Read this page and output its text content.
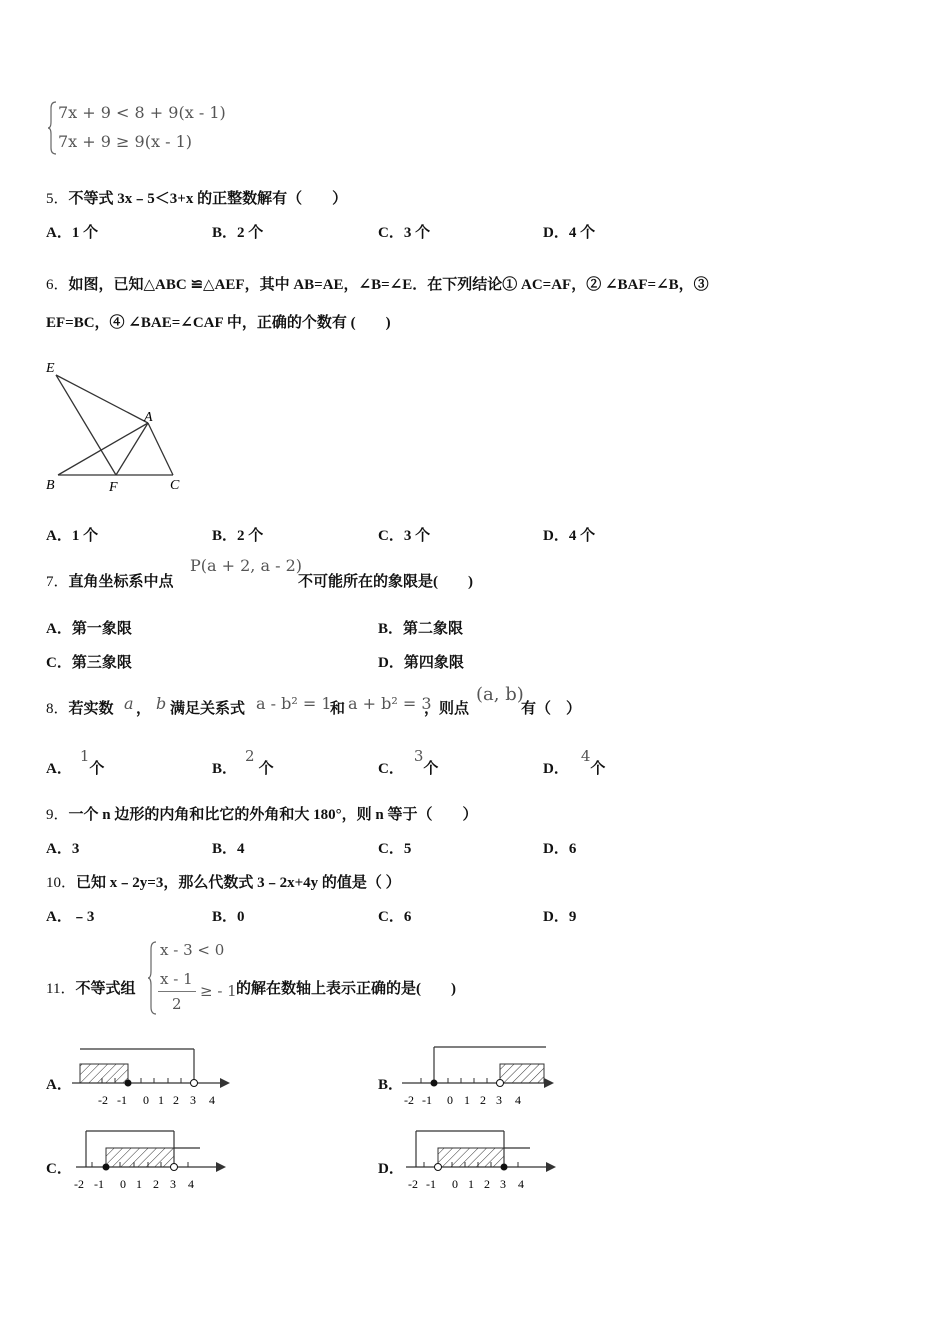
7x + 9 < 8 + 9(x - 1)
7x + 9 ≥ 9(x - 1)
5．不等式 3x﹣5＜3+x 的正整数解有（　　）
A．1 个	B．2 个	C．3 个	D．4 个
6．如图，已知△ABC ≌△AEF，其中 AB=AE，∠B=∠E．在下列结论① AC=AF，② ∠BAF=∠B，③
EF=BC，④ ∠BAE=∠CAF 中，正确的个数有 (　　)
E
A
B	F	C
A．1 个	B．2 个	C．3 个	D．4 个
7．直角坐标系中点
P(a + 2, a - 2)
不可能所在的象限是(　　)
A．第一象限	B．第二象限
C．第三象限	D．第四象限
8．若实数 a ， b 满足关系式 a - b² = 1
和 a + b² = 3
，则点
(a, b)
有（　）
A．1个	B．2个	C．3个	D．4个
9．一个 n 边形的内角和比它的外角和大 180°，则 n 等于（　　）
A．3	B．4	C．5	D．6
10．已知 x﹣2y=3，那么代数式 3﹣2x+4y 的值是（ ）
A．﹣3	B．0	C．6	D．9
11．不等式组
x - 3 < 0
x - 1
2
≥ - 1 的解在数轴上表示正确的是(　　)
A．	B．
C．	D．
-2 -1 0 1 2 3 4	-2 -1 0 1 2 3 4
-2 -1 0 1 2 3 4	-2 -1 0 1 2 3 4
